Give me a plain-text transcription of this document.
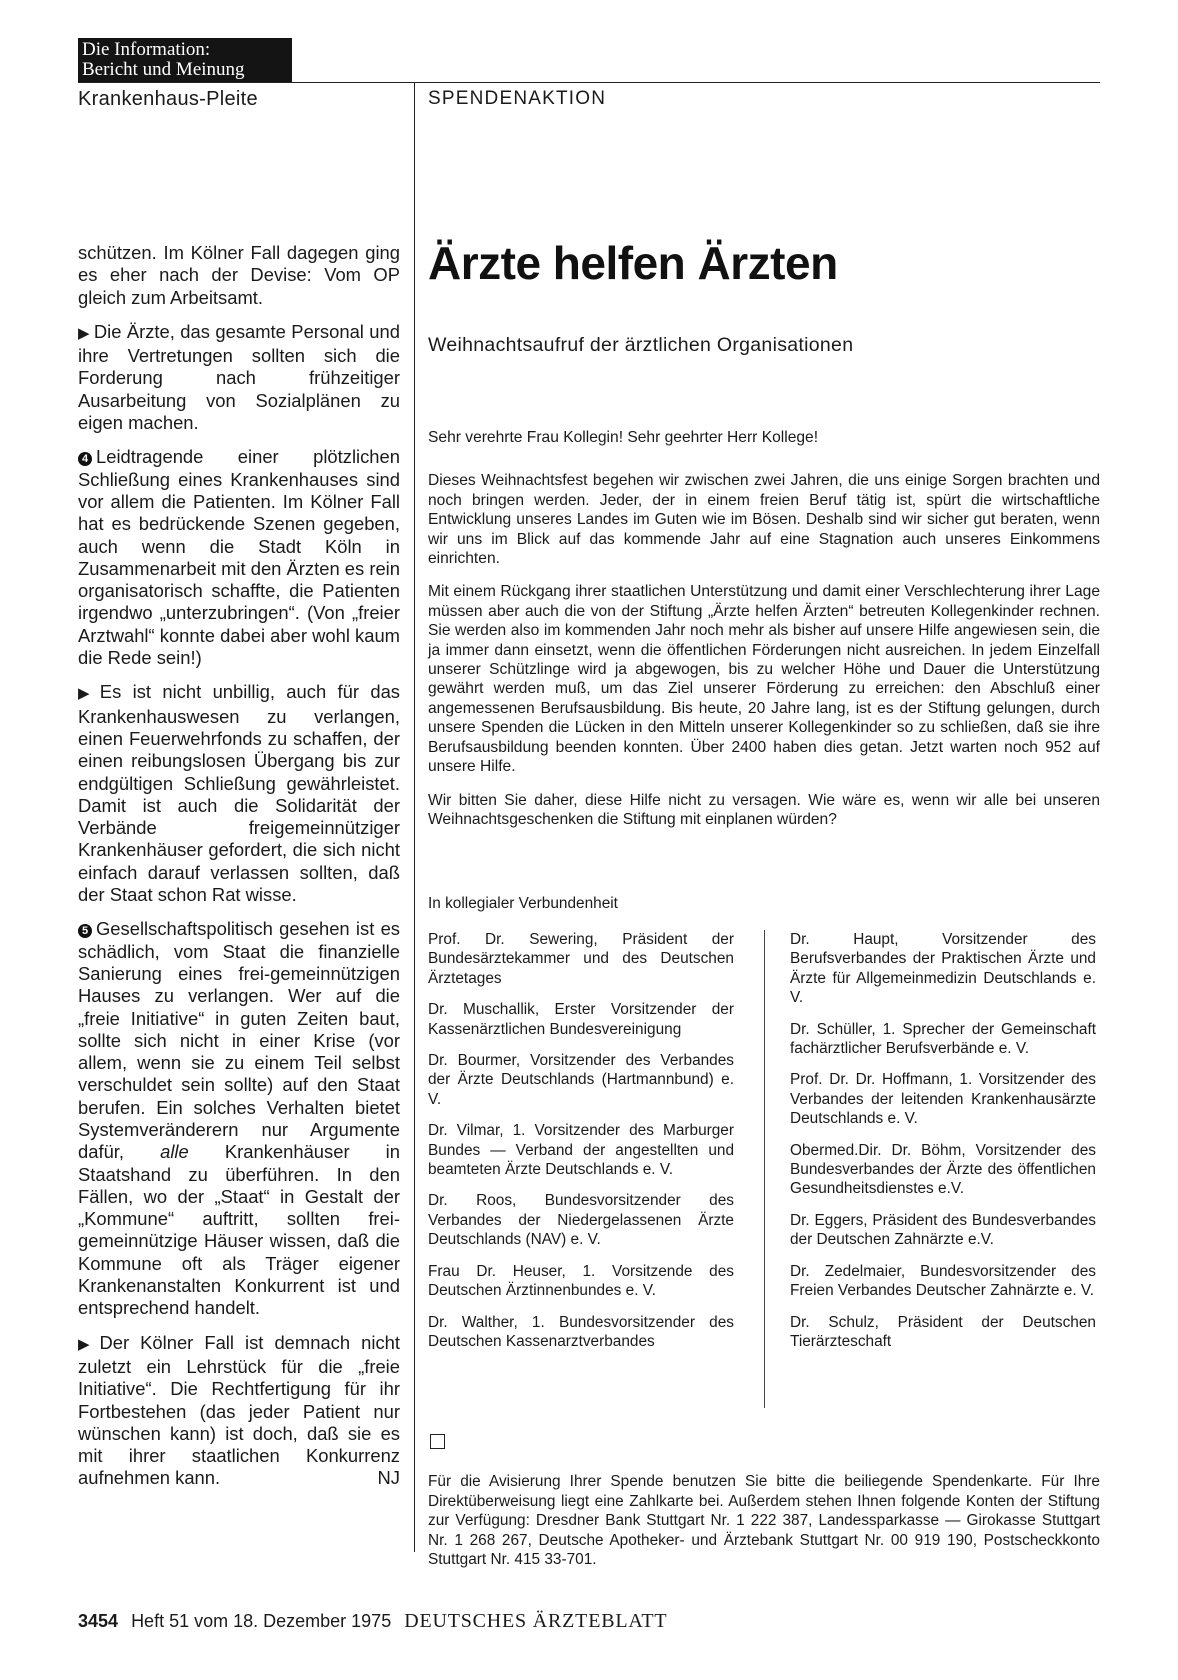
Die Information:
Bericht und Meinung
Krankenhaus-Pleite	SPENDENAKTION

schützen. Im Kölner Fall dagegen ging es eher nach der Devise: Vom OP gleich zum Arbeitsamt.

▶ Die Ärzte, das gesamte Personal und ihre Vertretungen sollten sich die Forderung nach frühzeitiger Ausarbeitung von Sozialplänen zu eigen machen.

4 Leidtragende einer plötzlichen Schließung eines Krankenhauses sind vor allem die Patienten. Im Kölner Fall hat es bedrückende Szenen gegeben, auch wenn die Stadt Köln in Zusammenarbeit mit den Ärzten es rein organisatorisch schaffte, die Patienten irgendwo „unterzubringen“. (Von „freier Arztwahl“ konnte dabei aber wohl kaum die Rede sein!)

▶ Es ist nicht unbillig, auch für das Krankenhauswesen zu verlangen, einen Feuerwehrfonds zu schaffen, der einen reibungslosen Übergang bis zur endgültigen Schließung gewährleistet. Damit ist auch die Solidarität der Verbände freigemeinnütziger Krankenhäuser gefordert, die sich nicht einfach darauf verlassen sollten, daß der Staat schon Rat wisse.

5 Gesellschaftspolitisch gesehen ist es schädlich, vom Staat die finanzielle Sanierung eines frei-gemeinnützigen Hauses zu verlangen. Wer auf die „freie Initiative“ in guten Zeiten baut, sollte sich nicht in einer Krise (vor allem, wenn sie zu einem Teil selbst verschuldet sein sollte) auf den Staat berufen. Ein solches Verhalten bietet Systemveränderern nur Argumente dafür, alle Krankenhäuser in Staatshand zu überführen. In den Fällen, wo der „Staat“ in Gestalt der „Kommune“ auftritt, sollten frei-gemeinnützige Häuser wissen, daß die Kommune oft als Träger eigener Krankenanstalten Konkurrent ist und entsprechend handelt.

▶ Der Kölner Fall ist demnach nicht zuletzt ein Lehrstück für die „freie Initiative“. Die Rechtfertigung für ihr Fortbestehen (das jeder Patient nur wünschen kann) ist doch, daß sie es mit ihrer staatlichen Konkurrenz aufnehmen kann.	NJ

Ärzte helfen Ärzten
Weihnachtsaufruf der ärztlichen Organisationen

Sehr verehrte Frau Kollegin! Sehr geehrter Herr Kollege!

Dieses Weihnachtsfest begehen wir zwischen zwei Jahren, die uns einige Sorgen brachten und noch bringen werden. Jeder, der in einem freien Beruf tätig ist, spürt die wirtschaftliche Entwicklung unseres Landes im Guten wie im Bösen. Deshalb sind wir sicher gut beraten, wenn wir uns im Blick auf das kommende Jahr auf eine Stagnation auch unseres Einkommens einrichten.

Mit einem Rückgang ihrer staatlichen Unterstützung und damit einer Verschlechterung ihrer Lage müssen aber auch die von der Stiftung „Ärzte helfen Ärzten“ betreuten Kollegenkinder rechnen. Sie werden also im kommenden Jahr noch mehr als bisher auf unsere Hilfe angewiesen sein, die ja immer dann einsetzt, wenn die öffentlichen Förderungen nicht ausreichen. In jedem Einzelfall unserer Schützlinge wird ja abgewogen, bis zu welcher Höhe und Dauer die Unterstützung gewährt werden muß, um das Ziel unserer Förderung zu erreichen: den Abschluß einer angemessenen Berufsausbildung. Bis heute, 20 Jahre lang, ist es der Stiftung gelungen, durch unsere Spenden die Lücken in den Mitteln unserer Kollegenkinder so zu schließen, daß sie ihre Berufsausbildung beenden konnten. Über 2400 haben dies getan. Jetzt warten noch 952 auf unsere Hilfe.

Wir bitten Sie daher, diese Hilfe nicht zu versagen. Wie wäre es, wenn wir alle bei unseren Weihnachtsgeschenken die Stiftung mit einplanen würden?

In kollegialer Verbundenheit

Prof. Dr. Sewering, Präsident der Bundesärztekammer und des Deutschen Ärztetages

Dr. Muschallik, Erster Vorsitzender der Kassenärztlichen Bundesvereinigung

Dr. Bourmer, Vorsitzender des Verbandes der Ärzte Deutschlands (Hartmannbund) e. V.

Dr. Vilmar, 1. Vorsitzender des Marburger Bundes — Verband der angestellten und beamteten Ärzte Deutschlands e. V.

Dr. Roos, Bundesvorsitzender des Verbandes der Niedergelassenen Ärzte Deutschlands (NAV) e. V.

Frau Dr. Heuser, 1. Vorsitzende des Deutschen Ärztinnenbundes e. V.

Dr. Walther, 1. Bundesvorsitzender des Deutschen Kassenarztverbandes

Dr. Haupt, Vorsitzender des Berufsverbandes der Praktischen Ärzte und Ärzte für Allgemeinmedizin Deutschlands e. V.

Dr. Schüller, 1. Sprecher der Gemeinschaft fachärztlicher Berufsverbände e. V.

Prof. Dr. Dr. Hoffmann, 1. Vorsitzender des Verbandes der leitenden Krankenhausärzte Deutschlands e. V.

Obermed.Dir. Dr. Böhm, Vorsitzender des Bundesverbandes der Ärzte des öffentlichen Gesundheitsdienstes e.V.

Dr. Eggers, Präsident des Bundesverbandes der Deutschen Zahnärzte e.V.

Dr. Zedelmaier, Bundesvorsitzender des Freien Verbandes Deutscher Zahnärzte e. V.

Dr. Schulz, Präsident der Deutschen Tierärzteschaft

Für die Avisierung Ihrer Spende benutzen Sie bitte die beiliegende Spendenkarte. Für Ihre Direktüberweisung liegt eine Zahlkarte bei. Außerdem stehen Ihnen folgende Konten der Stiftung zur Verfügung: Dresdner Bank Stuttgart Nr. 1 222 387, Landessparkasse — Girokasse Stuttgart Nr. 1 268 267, Deutsche Apotheker- und Ärztebank Stuttgart Nr. 00 919 190, Postscheckkonto Stuttgart Nr. 415 33-701.
3454 Heft 51 vom 18. Dezember 1975 DEUTSCHES ÄRZTEBLATT
